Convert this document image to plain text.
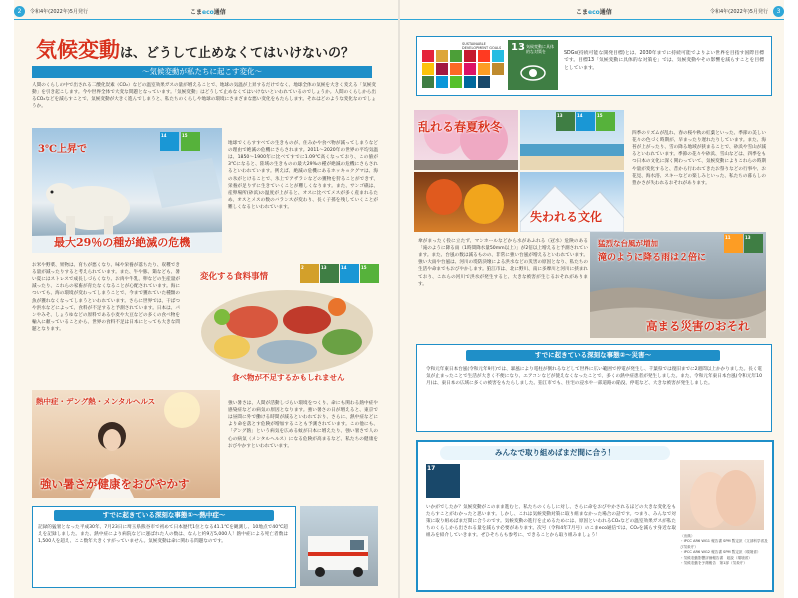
2	令和4年(2022年)5月発行	こまeco通信
気候変動は、どうして止めなくてはいけないの？
～気候変動が私たちに起こす変化～
人間のくらしの中で出される二酸化炭素（CO₂）などの温室効果ガスの量が増えることで、地球の気温が上昇するだけでなく、地球全体の気候を大きく変える「気候変動」を引き起こします。今や世界全体で大変な問題となっています。「気候変動」はどうして止めなくてはいけないといわれているのでしょうか。人間のくらしから出るCO₂などを減らすことで、気候変動が大きく進んでしまうと、私たちのくらしや地球の環境にさまざまな悪い変化をもたらします。それはどのような変化なのでしょうか。
14	15
3℃上昇で
最大29％の種が絶滅の危機
地球でくらすすべての生きものが、住みかや食べ物が減ってしまうなどの理由で絶滅の危機にさらされます。2011～2020年の世界の平均気温は、1850～1900年に比べてすでに1.09℃高くなっており、この値が3℃になると、陸域の生きものの最大29%の種が絶滅の危機にさらされるといわれています。例えば、絶滅の危機にあるホッキョクグマは、海の氷がとけることで、氷上でアザラシなどの獲物を狩ることができず、栄養が足りずに生きていくことが難しくなります。また、サンゴ礁は、産卵場所(砂浜)の温度が上がると、オスに比べてメスが多く産まれるため、オスとメスの数のバランスが変わり、長く子孫を残していくことが難しくなるといわれています。
お米や野菜、果物は、育ちが悪くなり、味や栄養が落ちたり、収穫できる量が減ったりすると考えられています。また、牛や豚、鶏なども、暑い夏にはストレスで成長しづらくなり、お肉や牛乳、卵などの生産量が減ったり、これらの家畜が育たなくなることが心配されています。海についても、海の環境が変わってしまうことで、今まで獲れていた種類の魚が獲れなくなってしまうといわれています。さらに世界では、干ばつや洪水などによって、食料が不足すると予測されています。日本は、パンやみそ、しょうゆなどの原料である小麦や大豆などの多くの食べ物を輸入に頼っていることから、世界の食料不足は日本にとっても大きな問題となります。
2	13	14	15
変化する食料事情
食べ物が不足するかもしれません
熱中症・デング熱・メンタルヘルス
強い暑さが健康をおびやかす
強い暑さは、人間が活動しづらい環境をつくり、命にも関わる熱中症や感染症などの病気の原因となります。強い暑さの日が増えると、東京では昼間に外で働ける時間が減るといわれており、さらに、熱中症などにより命を落とす危険が増加することも予測されています。この他にも、「デング熱」という病気を広める蚊が日本に増えたり、強い暑さで人の心の病気（メンタルヘルス）になる危険が高まるなど、私たちの健康をおびやかすといわれています。
すでに起きている深刻な事態①～熱中症～
記録的猛暑となった平成30年、7月23日に埼玉県熊谷市で初めて日本歴代1位となる41.1℃を観測し、10地点で40℃超えを記録しました。また、熱中症により病院などに運ばれた人の数は、なんと約9万5,000人！熱中症による死亡者数は1,500人を超え、ここ数年大きくすがっていません。気候変動は命に関わる問題なのです。
こまeco通信	令和4年(2022年)5月発行	3
SUSTAINABLE DEVELOPMENT GOALS 13 気候変動に具体的な対策を	SDGs(持続可能な開発目標)とは、2030年までに持続可能でよりよい世界を目指す国際目標です。目標13「気候変動に具体的な対策を」では、気候変動やその影響を減らすことを目標としています。
13	14	15
乱れる春夏秋冬
失われる文化
四季のリズムが乱れ、春の桜や秋の紅葉といった、季節の美しい花々の色づく時期が、早まったり遅れたりしています。また、海苔が上がったり、雪の降る地域が狭まることで、砂浜や雪山が減るといわれています。季節の花々や砂浜、雪山などは、四季をもつ日本の文化に深く関わっていて、気候変動によりこれらの時期や量が変化すると、昔から行われてきたお祭りなどの行事や、お花見、海水浴、スキーなどの楽しみといった、私たちの暮らしの豊かさが失われるおそれがあります。
傘がまったく役に立たず、マンホールなどから水があふれる（冠水）危険のある「滝のように降る雨（1時間降水量50mm以上）」が2倍以上増えると予測されています。また、台風の数は減るものの、非常に強い台風が増えるといわれています。強い大雨や台風は、河川の堤防決壊による洪水などの災害の原因となり、私たちの生活や命までもおびやかします。狛江市は、北に野川、南に多摩川と河川に挟まれており、これらの河川で洪水が発生すると、大きな被害が生じるおそれがあります。
11	13
猛烈な台風が増加
滝のように降る雨は２倍に
高まる災害のおそれ
すでに起きている深刻な事態②～災害～
令和元年東日本台風(令和元年9月)では、暴風により電柱が倒れるなどして世界に広い範囲で停電が発生し、千葉県では復旧までに2週間以上かかりました。長く電気が止まったことで生活が大きく不便になり、エアコンなどが使えなくなったことで、多くの熱中症患者が発生しました。また、令和元年東日本台風(令和元年10月)は、東日本の広域に多くの被害をもたらしました。狛江市でも、住宅の浸水や一部道路の陥没、停電など、大きな被害が発生しました。
みんなで取り組めばまだ間に合う！
17
いかがでしたか？気候変動がこのまま進むと、私たちのくらしに対し、さらに命をおびやかされるほどの大きな変化をもたらすことがわかったと思います。しかし、これは気候変動対策に取り組まなかった場合の話です。つまり、みんなで対策に取り組めばまだ間に合うのです。気候変動の進行を止めるためには、原因といわれるCO₂などの温室効果ガスが私たちのくらしから出される量を減らす必要があります。次号（令和4年7月号）のこまeco通信では、CO₂を減らす身近な取組みを紹介していきます。ぜひそちらも参考に、できることから取り組みましょう！	〈出典〉
・IPCC AR6 WG1 報告書 SPM 暫定訳（文部科学省及び気象庁）
・IPCC AR6 WG2 報告書 SPM 暫定訳（環境省）
・気候変動影響評価報告書　総説（環境省）
・気候変動を予測報告　第1部（気象庁）
